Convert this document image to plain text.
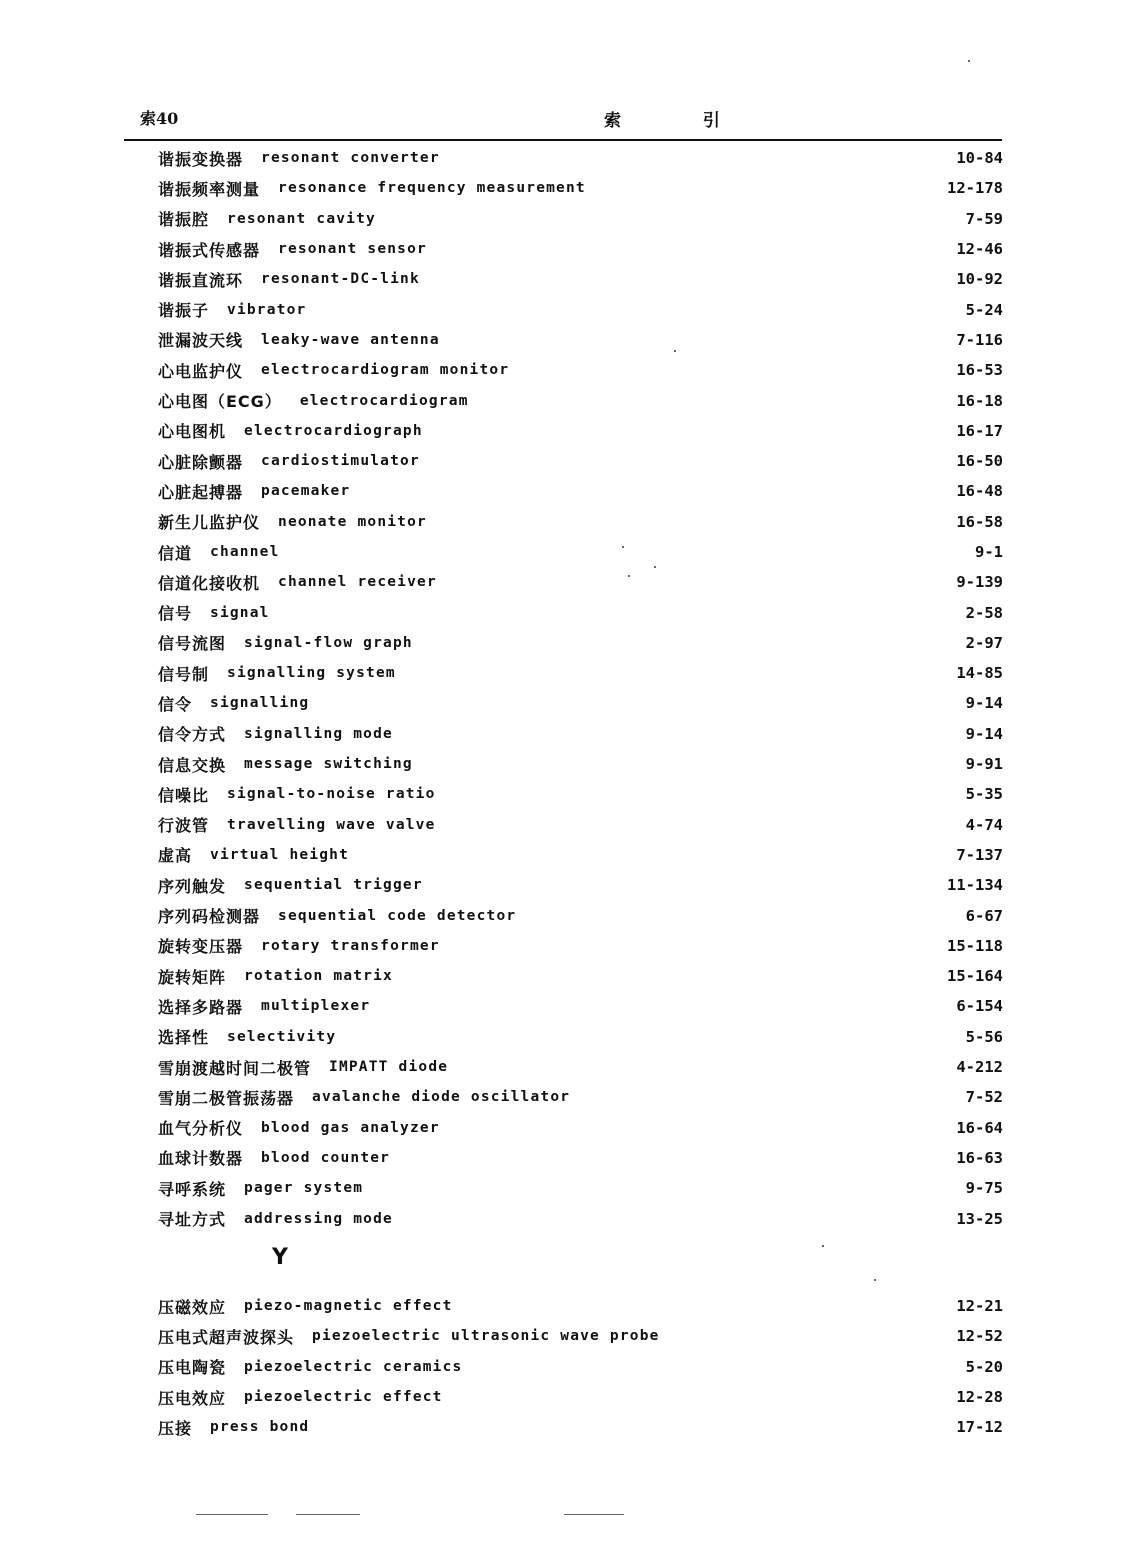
索40	索 引
谐振变换器 resonant converter	10-84
谐振频率测量 resonance frequency measurement	12-178
谐振腔 resonant cavity	7-59
谐振式传感器 resonant sensor	12-46
谐振直流环 resonant-DC-link	10-92
谐振子 vibrator	5-24
泄漏波天线 leaky-wave antenna	7-116
心电监护仪 electrocardiogram monitor	16-53
心电图（ECG） electrocardiogram	16-18
心电图机 electrocardiograph	16-17
心脏除颤器 cardiostimulator	16-50
心脏起搏器 pacemaker	16-48
新生儿监护仪 neonate monitor	16-58
信道 channel	9-1
信道化接收机 channel receiver	9-139
信号 signal	2-58
信号流图 signal-flow graph	2-97
信号制 signalling system	14-85
信令 signalling	9-14
信令方式 signalling mode	9-14
信息交换 message switching	9-91
信噪比 signal-to-noise ratio	5-35
行波管 travelling wave valve	4-74
虚高 virtual height	7-137
序列触发 sequential trigger	11-134
序列码检测器 sequential code detector	6-67
旋转变压器 rotary transformer	15-118
旋转矩阵 rotation matrix	15-164
选择多路器 multiplexer	6-154
选择性 selectivity	5-56
雪崩渡越时间二极管 IMPATT diode	4-212
雪崩二极管振荡器 avalanche diode oscillator	7-52
血气分析仪 blood gas analyzer	16-64
血球计数器 blood counter	16-63
寻呼系统 pager system	9-75
寻址方式 addressing mode	13-25
Y
压磁效应 piezo-magnetic effect	12-21
压电式超声波探头 piezoelectric ultrasonic wave probe	12-52
压电陶瓷 piezoelectric ceramics	5-20
压电效应 piezoelectric effect	12-28
压接 press bond	17-12
